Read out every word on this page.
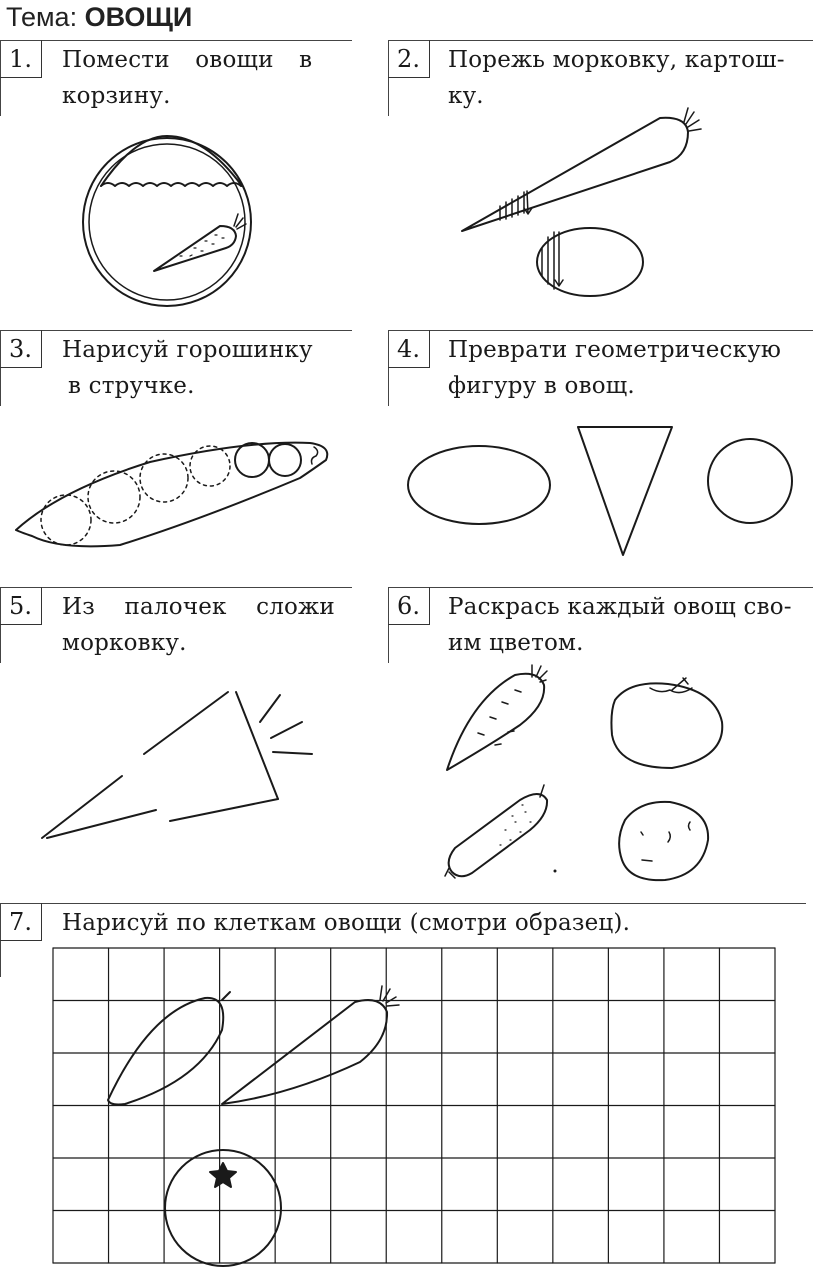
Тема: ОВОЩИ
1.	Помести овощи в
корзину.
2.	Порежь морковку, картош-
ку.
3.	Нарисуй горошинку
в стручке.
4.	Преврати геометрическую
фигуру в овощ.
5.	Из палочек сложи
морковку.
6.	Раскрась каждый овощ сво-
им цветом.
7.	Нарисуй по клеткам овощи (смотри образец).
